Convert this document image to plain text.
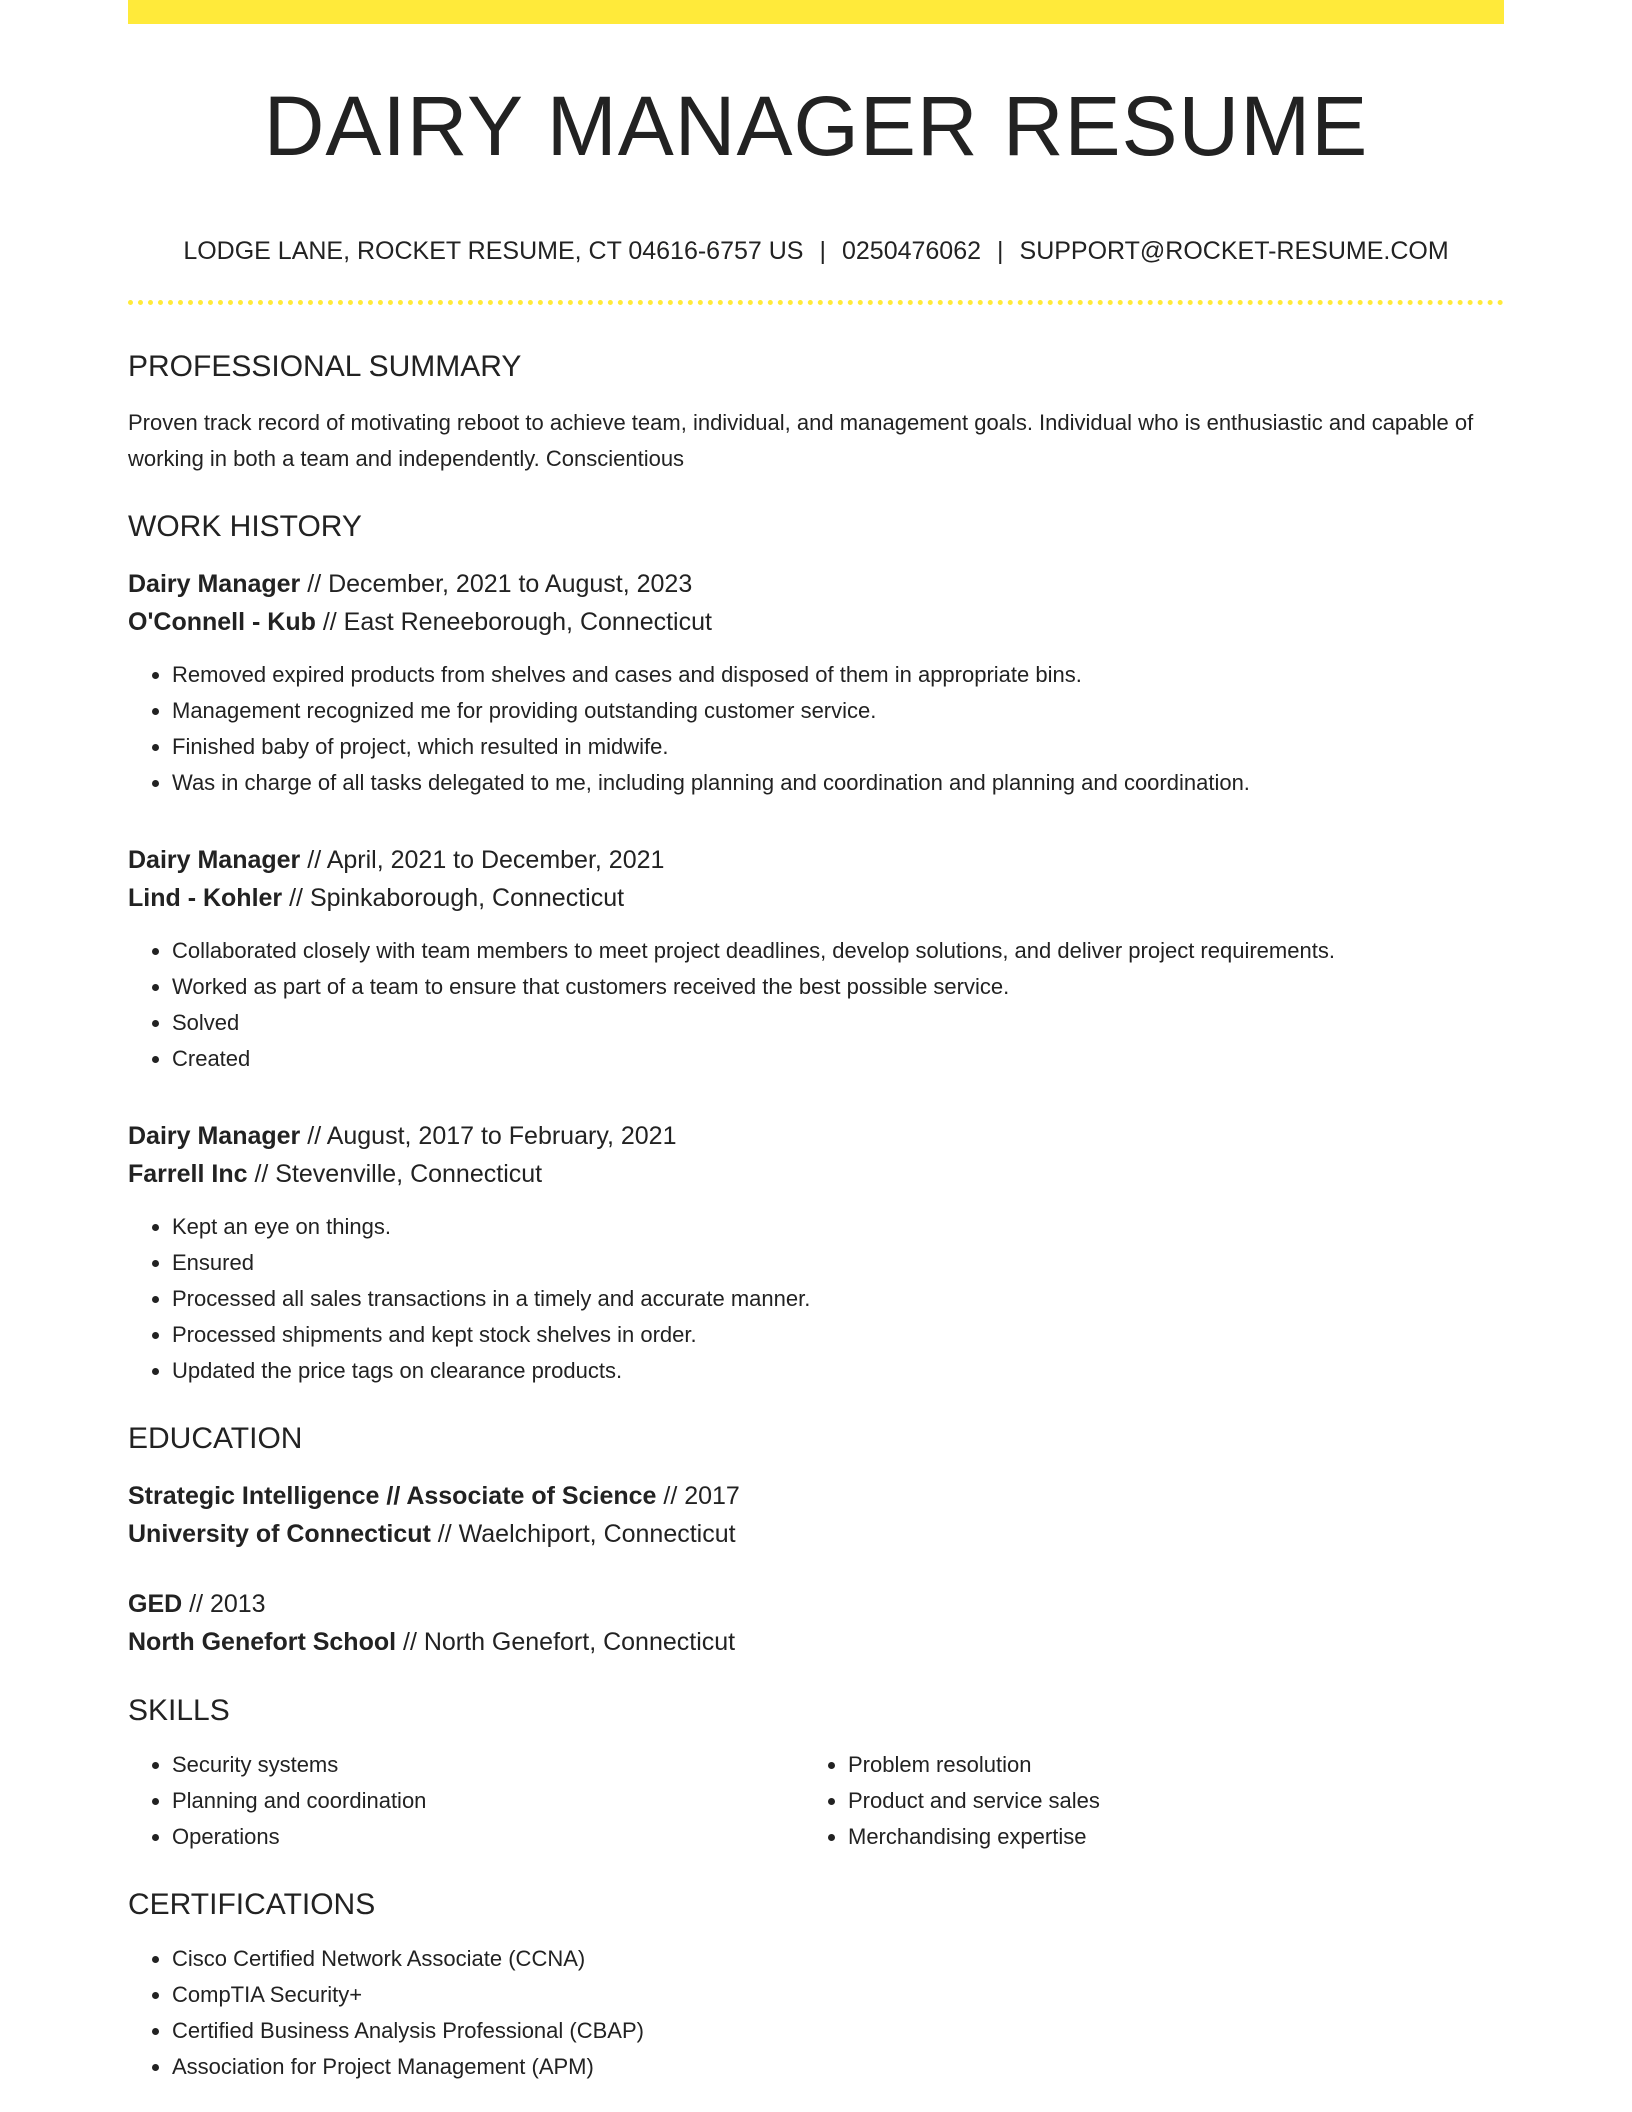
DAIRY MANAGER RESUME
LODGE LANE, ROCKET RESUME, CT 04616-6757 US | 0250476062 | SUPPORT@ROCKET-RESUME.COM
PROFESSIONAL SUMMARY
Proven track record of motivating reboot to achieve team, individual, and management goals. Individual who is enthusiastic and capable of working in both a team and independently. Conscientious
WORK HISTORY
Dairy Manager // December, 2021 to August, 2023
O'Connell - Kub // East Reneeborough, Connecticut
• Removed expired products from shelves and cases and disposed of them in appropriate bins.
• Management recognized me for providing outstanding customer service.
• Finished baby of project, which resulted in midwife.
• Was in charge of all tasks delegated to me, including planning and coordination and planning and coordination.
Dairy Manager // April, 2021 to December, 2021
Lind - Kohler // Spinkaborough, Connecticut
• Collaborated closely with team members to meet project deadlines, develop solutions, and deliver project requirements.
• Worked as part of a team to ensure that customers received the best possible service.
• Solved
• Created
Dairy Manager // August, 2017 to February, 2021
Farrell Inc // Stevenville, Connecticut
• Kept an eye on things.
• Ensured
• Processed all sales transactions in a timely and accurate manner.
• Processed shipments and kept stock shelves in order.
• Updated the price tags on clearance products.
EDUCATION
Strategic Intelligence // Associate of Science // 2017
University of Connecticut // Waelchiport, Connecticut
GED // 2013
North Genefort School // North Genefort, Connecticut
SKILLS
• Security systems
• Planning and coordination
• Operations
• Problem resolution
• Product and service sales
• Merchandising expertise
CERTIFICATIONS
• Cisco Certified Network Associate (CCNA)
• CompTIA Security+
• Certified Business Analysis Professional (CBAP)
• Association for Project Management (APM)
